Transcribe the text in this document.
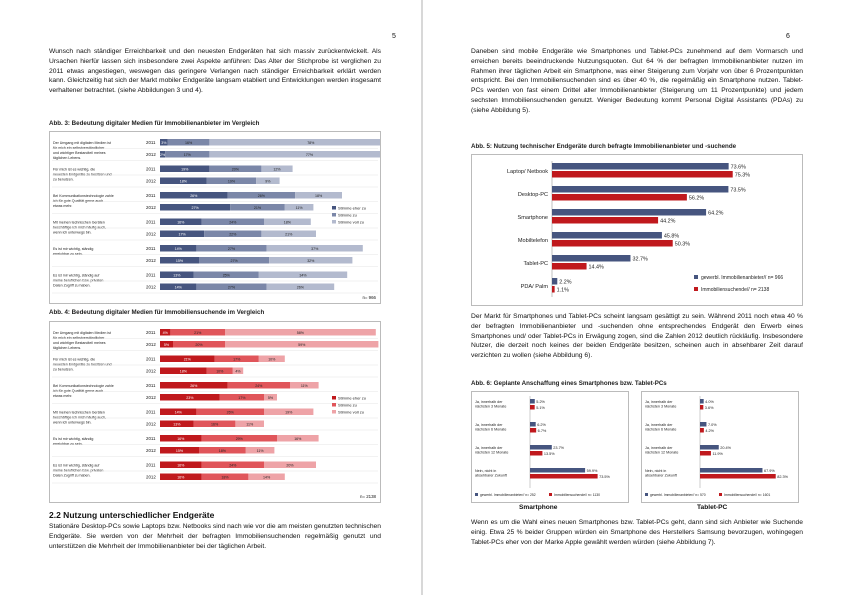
5

Wunsch nach ständiger Erreichbarkeit und den neuesten Endgeräten hat sich massiv zurückentwickelt. Als Ursachen hierfür lassen sich insbesondere zwei Aspekte anführen: Das Alter der Stichprobe ist verglichen zu 2011 etwas angestiegen, weswegen das geringere Verlangen nach ständiger Erreichbarkeit erklärt werden kann. Gleichzeitig hat sich der Markt mobiler Endgeräte langsam etabliert und Entwicklungen werden insgesamt verhaltener betrachtet. (siehe Abbildungen 3 und 4).

Abb. 3: Bedeutung digitaler Medien für Immobilienanbieter im Vergleich
Der Umgang mit digitalen Medien ist
für mich ein selbstverständlicher
und wichtiger Bestandteil meines
täglichen Lebens.
2011 3%	16%	78%
2012 2%	17%	77%
Für mich ist es wichtig, die
neuesten Endgeräte zu besitzen und
zu benutzen.
2011	19%	20%	12%
2012	18%	19%	9%
Bei Kommunikationstechnologie zahle
ich für gute Qualität gerne auch
etwas mehr.
2011	26%	26%	18%
2012	27%	21%	11%
Mit meinen technischen Geräten
beschäftige ich mich häufig auch,
wenn ich unterwegs bin.
2011	16%	24%	18%
2012	17%	22%	21%
Es ist mir wichtig, ständig
erreichbar zu sein.
2011	14%	27%	37%
2012	15%	27%	32%
Es ist mir wichtig, ständig auf
meine beruflichen bzw. privaten
Daten Zugriff zu haben.
2011	13%	25%	34%
2012	14%	27%	26%
Stimme eher zu
Stimme zu
Stimme voll zu
n= 966
Abb. 4: Bedeutung digitaler Medien für Immobiliensuchende im Vergleich
Der Umgang mit digitalen Medien ist
für mich ein selbstverständlicher
und wichtiger Bestandteil meines
täglichen Lebens.
2011 4%	21%	58%
2012 5%	20%	59%
Für mich ist es wichtig, die
neuesten Endgeräte zu besitzen und
zu benutzen.
2011	21%	17%	10%
2012	18%	10%	4%
Bei Kommunikationstechnologie zahle
ich für gute Qualität gerne auch
etwas mehr.
2011	26%	24%	11%
2012	23%	17%	5%
Mit meinen technischen Geräten
beschäftige ich mich häufig auch,
wenn ich unterwegs bin.
2011	14%	26%	19%
2012	13%	16%	11%
Es ist mir wichtig, ständig
erreichbar zu sein.
2011	16%	29%	16%
2012	15%	18%	11%
Es ist mir wichtig, ständig auf
meine beruflichen bzw. privaten
Daten Zugriff zu haben.
2011	16%	24%	20%
2012	16%	18%	14%
Stimme eher zu
Stimme zu
Stimme voll zu
n= 2138
2.2 Nutzung unterschiedlicher Endgeräte

Stationäre Desktop-PCs sowie Laptops bzw. Netbooks sind nach wie vor die am meisten genutzten technischen Endgeräte. Sie werden von der Mehrheit der befragten Immobiliensuchenden regelmäßig genutzt und unterstützen die Mehrheit der Immobilienanbieter bei der täglichen Arbeit.

6

Daneben sind mobile Endgeräte wie Smartphones und Tablet-PCs zunehmend auf dem Vormarsch und erreichen bereits beeindruckende Nutzungsquoten. Gut 64 % der befragten Immobilienanbieter nutzen im Rahmen ihrer täglichen Arbeit ein Smartphone, was einer Steigerung zum Vorjahr von über 6 Prozentpunkten entspricht. Bei den Immobiliensuchenden sind es über 40 %, die regelmäßig ein Smartphone nutzen. Tablet-PCs werden von fast einem Drittel aller Immobilienanbieter (Steigerung um 11 Prozentpunkte) und jedem sechsten Immobiliensuchenden genutzt. Weniger Bedeutung kommt Personal Digital Assistants (PDAs) zu (siehe Abbildung 5).

Abb. 5: Nutzung technischer Endgeräte durch befragte Immobilienanbieter und -suchende
Laptop/ Netbook
73.6%
75.3%
Desktop-PC
73.5%
56.2%
Smartphone
64.2%
44.2%
Mobiltelefon
45.8%
50.3%
Tablet-PC
32.7%
14.4%
PDA/ Palm
2.2%
1.1%
gewerbl. Immobilienanbieter// n= 966
Immobiliensuchende// n= 2138

Der Markt für Smartphones und Tablet-PCs scheint langsam gesättigt zu sein. Während 2011 noch etwa 40 % der befragten Immobilienanbieter und -suchenden ohne entsprechendes Endgerät den Erwerb eines Smartphones und/ oder Tablet-PCs in Erwägung zogen, sind die Zahlen 2012 deutlich rückläufig. Insbesondere Nutzer, die derzeit noch keines der beiden Endgeräte besitzen, scheinen auch in absehbarer Zeit darauf verzichten zu wollen (siehe Abbildung 6).

Abb. 6: Geplante Anschaffung eines Smartphones bzw. Tablet-PCs
Ja, innerhalb der
nächsten 3 Monate
5.2%
5.1%
Ja, innerhalb der
nächsten 6 Monate
6.2%
6.7%
Ja, innerhalb der
nächsten 12 Monate
23.7%
13.5%
Nein, nicht in
absehbarer Zukunft
59.9%
73.5%
gewerbl. Immobilienanbieter// n= 252	Immobiliensuchende// n= 1130
Ja, innerhalb der
nächsten 3 Monate
4.0%
3.6%
Ja, innerhalb der
nächsten 6 Monate
7.0%
4.2%
Ja, innerhalb der
nächsten 12 Monate
20.4%
11.9%
Nein, nicht in
absehbarer Zukunft
67.9%
82.3%
gewerbl. Immobilienanbieter// n= 570	Immobiliensuchende// n= 1601
Smartphone	Tablet-PC

Wenn es um die Wahl eines neuen Smartphones bzw. Tablet-PCs geht, dann sind sich Anbieter wie Suchende einig. Etwa 25 % beider Gruppen würden ein Smartphone des Herstellers Samsung bevorzugen, wohingegen Tablet-PCs eher von der Marke Apple gewählt werden würden (siehe Abbildung 7).
